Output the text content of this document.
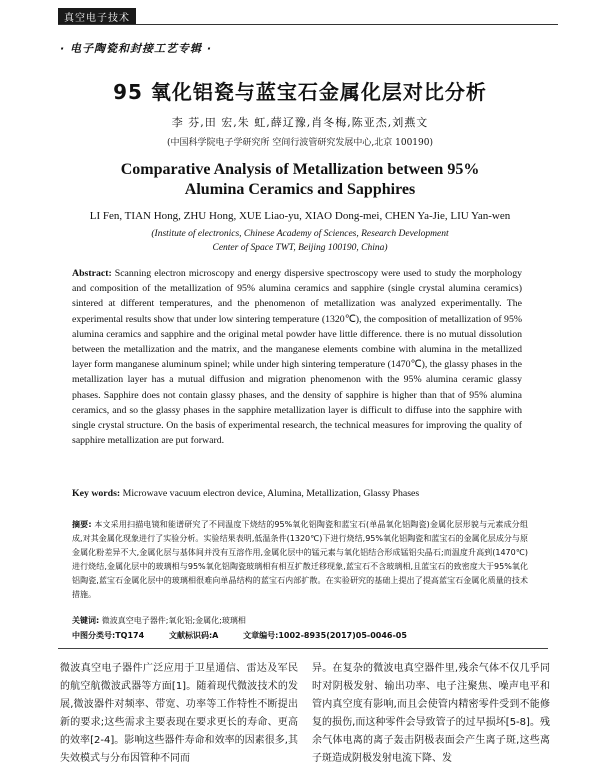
真空电子技术
· 电子陶瓷和封接工艺专辑 ·
95 氧化铝瓷与蓝宝石金属化层对比分析
李 芬,田 宏,朱 虹,薛辽豫,肖冬梅,陈亚杰,刘燕文
(中国科学院电子学研究所 空间行波管研究发展中心,北京 100190)
Comparative Analysis of Metallization between 95%
Alumina Ceramics and Sapphires
LI Fen, TIAN Hong, ZHU Hong, XUE Liao-yu, XIAO Dong-mei, CHEN Ya-Jie, LIU Yan-wen
(Institute of electronics, Chinese Academy of Sciences, Research Development
Center of Space TWT, Beijing 100190, China)
Abstract: Scanning electron microscopy and energy dispersive spectroscopy were used to study the morphology and composition of the metallization of 95% alumina ceramics and sapphire (single crystal alumina ceramics) sintered at different temperatures, and the phenomenon of metallization was analyzed experimentally. The experimental results show that under low sintering temperature (1320℃), the composition of metallization of 95% alumina ceramics and sapphire and the original metal powder have little difference. there is no mutual dissolution between the metallization and the matrix, and the manganese elements combine with alumina in the metallized layer form manganese aluminum spinel; while under high sintering temperature (1470℃), the glassy phases in the metallization layer has a mutual diffusion and migration phenomenon with the 95% alumina ceramic glassy phases. Sapphire does not contain glassy phases, and the density of sapphire is higher than that of 95% alumina ceramics, and so the glassy phases in the sapphire metallization layer is difficult to diffuse into the sapphire with single crystal structure. On the basis of experimental research, the technical measures for improving the quality of sapphire metallization are put forward.
Key words: Microwave vacuum electron device, Alumina, Metallization, Glassy Phases
摘要: 本文采用扫描电镜和能谱研究了不同温度下烧结的95%氧化铝陶瓷和蓝宝石(单晶氧化铝陶瓷)金属化层形貌与元素成分组成,对其金属化现象进行了实验分析。实验结果表明,低温条件(1320℃)下进行烧结,95%氧化铝陶瓷和蓝宝石的金属化层成分与原金属化粉差异不大,金属化层与基体间并没有互溶作用,金属化层中的锰元素与氧化铝结合形成锰铝尖晶石;而温度升高到(1470℃)进行烧结,金属化层中的玻璃相与95%氧化铝陶瓷玻璃相有相互扩散迁移现象,蓝宝石不含玻璃相,且蓝宝石的致密度大于95%氧化铝陶瓷,蓝宝石金属化层中的玻璃相很难向单晶结构的蓝宝石内部扩散。在实验研究的基础上提出了提高蓝宝石金属化质量的技术措施。
关键词: 微波真空电子器件;氧化铝;金属化;玻璃相
中图分类号:TQ174	文献标识码:A	文章编号:1002-8935(2017)05-0046-05
微波真空电子器件广泛应用于卫星通信、雷达及军民的航空航微波武器等方面[1]。随着现代微波技术的发展,微波器件对频率、带宽、功率等工作特性不断提出新的要求;这些需求主要表现在要求更长的寿命、更高的效率[2-4]。影响这些器件寿命和效率的因素很多,其失效模式与分布因管种不同而
异。在复杂的微波电真空器件里,残余气体不仅几乎同时对阴极发射、输出功率、电子注聚焦、噪声电平和管内真空度有影响,而且会使管内精密零件受到不能修复的损伤,而这种零件会导致管子的过早损坏[5-8]。残余气体电离的离子轰击阴极表面会产生离子斑,这些离子斑造成阴极发射电流下降、发
